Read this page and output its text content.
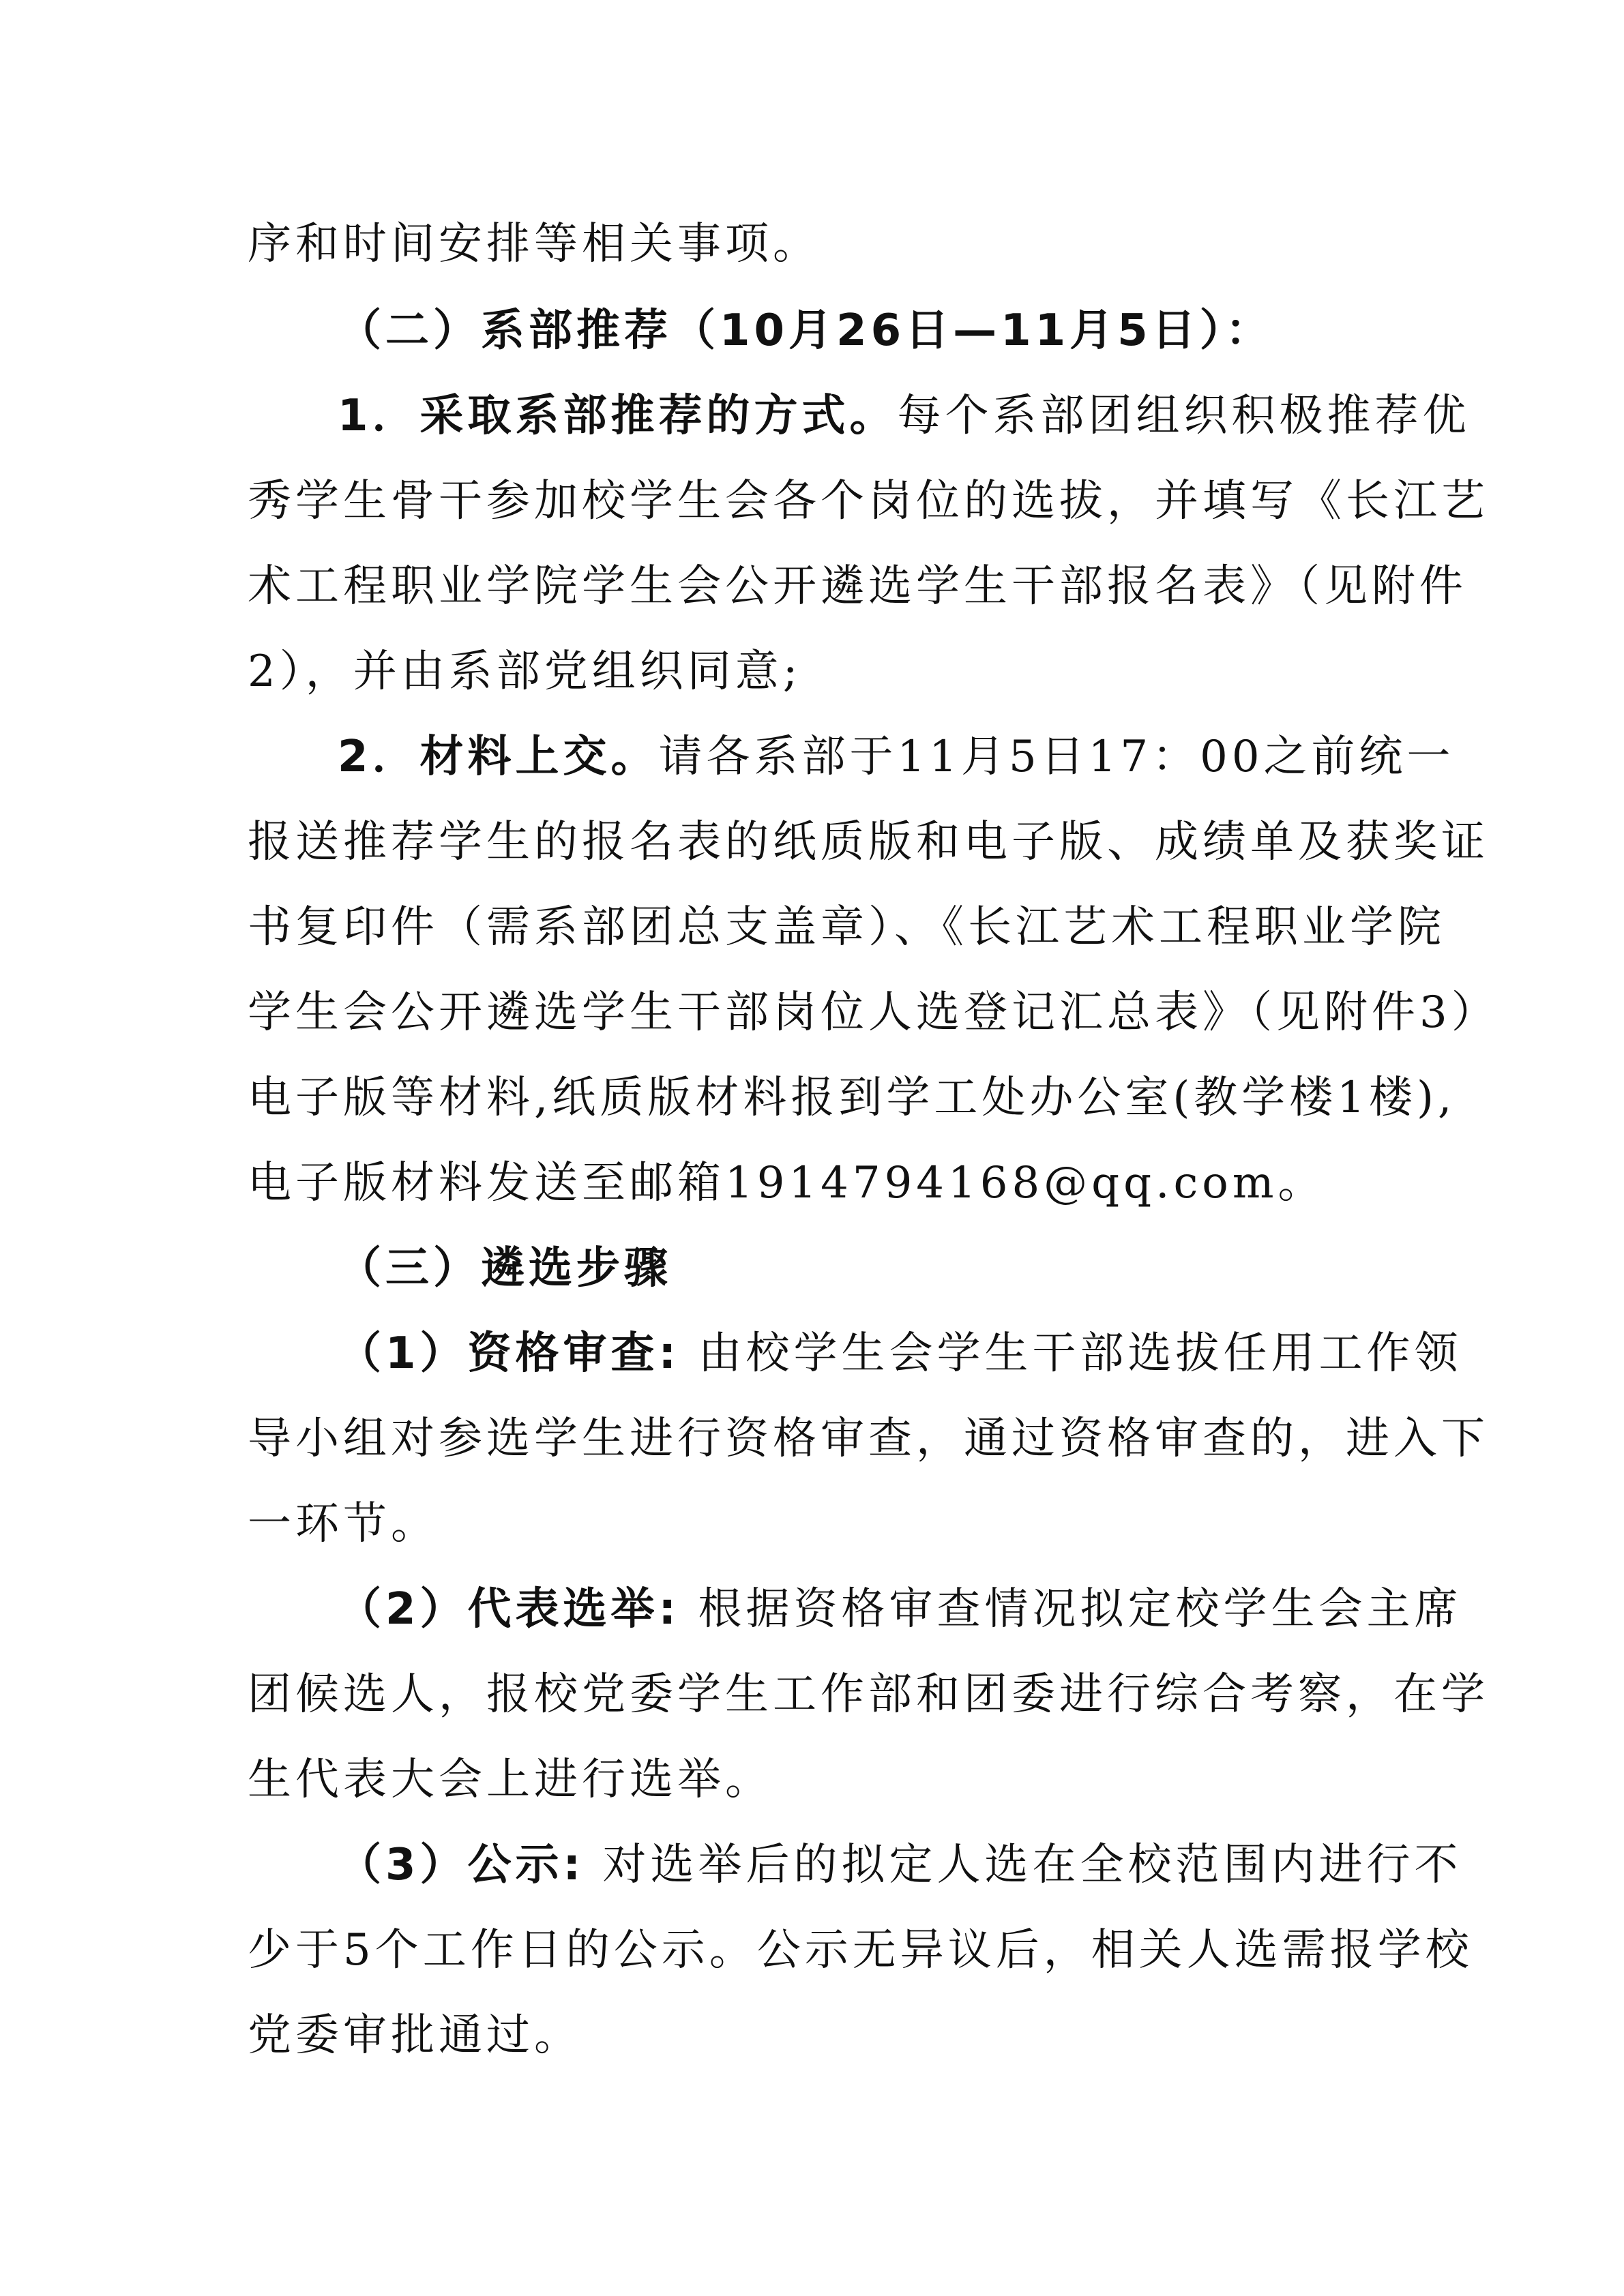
序和时间安排等相关事项。
（二）系部推荐（10月26日—11月5日）：
1．采取系部推荐的方式。每个系部团组织积极推荐优
秀学生骨干参加校学生会各个岗位的选拔，并填写《长江艺
术工程职业学院学生会公开遴选学生干部报名表》（见附件
2），并由系部党组织同意;
2．材料上交。请各系部于11月5日17：00之前统一
报送推荐学生的报名表的纸质版和电子版、成绩单及获奖证
书复印件（需系部团总支盖章）、《长江艺术工程职业学院
学生会公开遴选学生干部岗位人选登记汇总表》（见附件3）
电子版等材料,纸质版材料报到学工处办公室(教学楼1楼),
电子版材料发送至邮箱1914794168@qq.com。
（三）遴选步骤
（1）资格审查: 由校学生会学生干部选拔任用工作领
导小组对参选学生进行资格审查，通过资格审查的，进入下
一环节。
（2）代表选举: 根据资格审查情况拟定校学生会主席
团候选人，报校党委学生工作部和团委进行综合考察，在学
生代表大会上进行选举。
（3）公示: 对选举后的拟定人选在全校范围内进行不
少于5个工作日的公示。公示无异议后，相关人选需报学校
党委审批通过。
